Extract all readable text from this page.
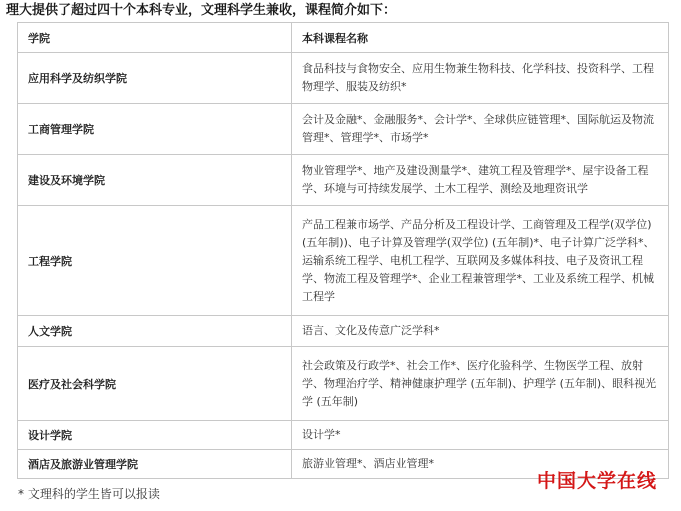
理大提供了超过四十个本科专业，文理科学生兼收，课程简介如下：
学院	本科课程名称
应用科学及纺织学院	食品科技与食物安全、应用生物兼生物科技、化学科技、投资科学、工程物理学、服装及纺织*
工商管理学院	会计及金融*、金融服务*、会计学*、全球供应链管理*、国际航运及物流管理*、管理学*、市场学*
建设及环境学院	物业管理学*、地产及建设测量学*、建筑工程及管理学*、屋宇设备工程学、环境与可持续发展学、土木工程学、测绘及地理资讯学
工程学院	产品工程兼市场学、产品分析及工程设计学、工商管理及工程学(双学位)(五年制))、电子计算及管理学(双学位) (五年制)*、电子计算广泛学科*、运输系统工程学、电机工程学、互联网及多媒体科技、电子及资讯工程学、物流工程及管理学*、企业工程兼管理学*、工业及系统工程学、机械工程学
人文学院	语言、文化及传意广泛学科*
医疗及社会科学院	社会政策及行政学*、社会工作*、医疗化验科学、生物医学工程、放射学、物理治疗学、精神健康护理学 (五年制)、护理学 (五年制)、眼科视光学 (五年制)
设计学院	设计学*
酒店及旅游业管理学院	旅游业管理*、酒店业管理*
* 文理科的学生皆可以报读
中国大学在线
